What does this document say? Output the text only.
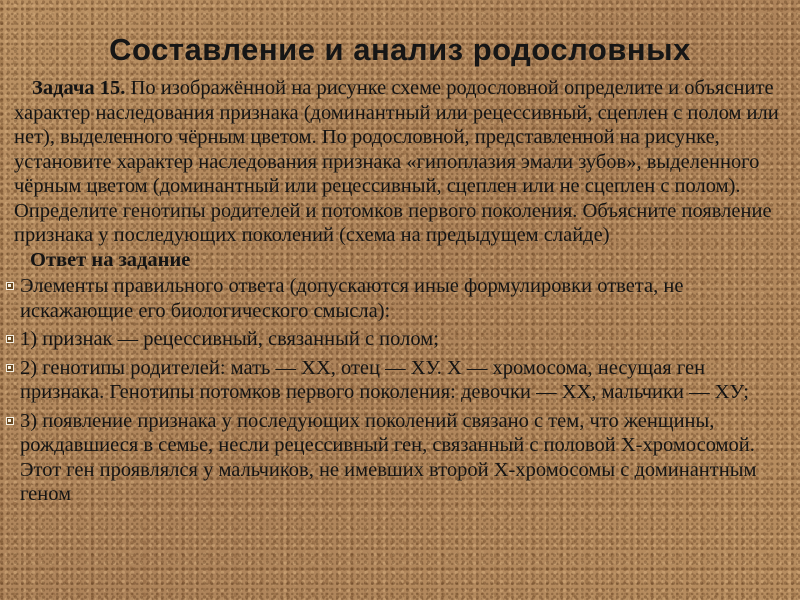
Составление и анализ родословных

Задача 15. По изображённой на рисунке схеме родословной определите и объясните характер наследования признака (доминантный или рецессивный, сцеплен с полом или нет), выделенного чёрным цветом. По родословной, представленной на рисунке, установите характер наследования признака «гипоплазия эмали зубов», выделенного чёрным цветом (доминантный или рецессивный, сцеплен или не сцеплен с полом). Определите генотипы родителей и потомков первого поколения. Объясните появление признака у последующих поколений (схема на предыдущем слайде)

Ответ на задание
Элементы правильного ответа (допускаются иные формулировки ответа, не искажающие его биологического смысла):
1) признак — рецессивный, связанный с полом;
2) генотипы родителей: мать — ХХ, отец — ХУ. Х — хромосома, несущая ген признака. Генотипы потомков первого поколения: девочки — ХХ, мальчики — ХУ;
3) появление признака у последующих поколений связано с тем, что женщины, рождавшиеся в семье, несли рецессивный ген, связанный с половой Х-хромосомой. Этот ген проявлялся у мальчиков, не имевших второй Х-хромосомы с доминантным геном
